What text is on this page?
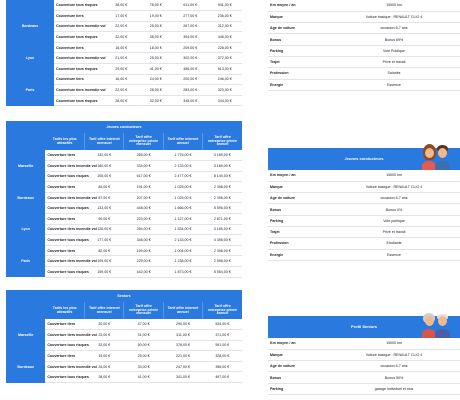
	Couverture tous risques	38,00 €	78,00 €	611,00 €	941,00 €
Bordeaux	Couverture tiers	17,00 €	19,00 €	277,00 €	236,00 €
	Couverture tiers incendie vol	22,00 €	25,00 €	267,00 €	312,00 €
	Couverture tous risques	32,00 €	36,00 €	394,00 €	446,00 €
Lyon	Couverture tiers	16,00 €	18,00 €	209,00 €	228,00 €
	Couverture tiers incendie vol	21,00 €	25,00 €	302,00 €	372,00 €
	Couverture tous risques	29,00 €	41,00 €	456,00 €	513,00 €
Paris	Couverture tiers	16,00 €	24,00 €	200,00 €	246,00 €
	Couverture tiers incendie vol	22,00 €	28,00 €	283,00 €	323,00 €
	Couverture tous risques	28,00 €	32,00 €	345,00 €	344,00 €
Km moyen / an	15000 km
Marque	Voiture basique : RENAULT CLIO 4
Age de voiture	occasion 6-7 ans
Bonus	Bonus 69%
Parking	Voie Publique
Trajet	Privé et travail
Profession	Salariés
Energie	Essence
Jeunes conducteurs					
	Tarifs les plus attractifs	Tarif offre internet mensuel	Tarif offre entreprise privée mensuel	Tarif offre internet annuel	Tarif offre entreprise privée annuel
Marseille	Couverture tiers	132,00 €	265,00 €	1 776,00 €	3 189,00 €
	Couverture tiers incendie vol	180,00 €	334,00 €	2 133,00 €	3 189,00 €
	Couverture tous risques	205,00 €	617,00 €	2 477,00 €	8 140,00 €
Bordeaux	Couverture tiers	84,00 €	191,00 €	1 025,00 €	2 398,00 €
	Couverture tiers incendie vol	87,00 €	207,00 €	1 025,00 €	2 398,00 €
	Couverture tous risques	133,00 €	448,00 €	1 666,00 €	5 596,00 €
Lyon	Couverture tiers	90,00 €	223,00 €	1 127,00 €	2 871,00 €
	Couverture tiers incendie vol	126,00 €	254,00 €	1 534,00 €	3 185,00 €
	Couverture tous risques	177,00 €	346,00 €	2 133,00 €	4 398,00 €
Paris	Couverture tiers	82,00 €	159,00 €	1 004,00 €	2 398,00 €
	Couverture tiers incendie vol	109,00 €	229,00 €	1 238,00 €	2 598,00 €
	Couverture tous risques	159,00 €	442,00 €	1 873,00 €	5 554,00 €
Jeunes conducteurs
Km moyen / an	15000 km
Marque	Voiture basique : RENAULT CLIO 4
Age de voiture	occasion 6-7 ans
Bonus	Bonus 0%
Parking	Voie publique
Trajet	Privé et travail
Profession	Etudiants
Energie	Essence
Seniors					
	Tarifs les plus attractifs	Tarif offre internet mensuel	Tarif offre entreprise privée mensuel	Tarif offre internet annuel	Tarif offre entreprise privée annuel
Marseille	Couverture tiers	20,00 €	47,00 €	290,00 €	534,00 €
	Couverture tiers incendie vol	23,00 €	31,00 €	311,00 €	371,00 €
	Couverture tous risques	32,00 €	50,00 €	376,00 €	591,00 €
Bordeaux	Couverture tiers	19,00 €	25,00 €	221,00 €	328,00 €
	Couverture tiers incendie vol	24,00 €	33,00 €	247,00 €	396,00 €
	Couverture tous risques	28,00 €	41,00 €	341,00 €	497,00 €
Profil Seniors
Km moyen / an	15000 km
Marque	Voiture basique : RENAULT CLIO 4
Age de voiture	occasion 6-7 ans
Bonus	Bonus 50%
Parking	garage individuel et clos
